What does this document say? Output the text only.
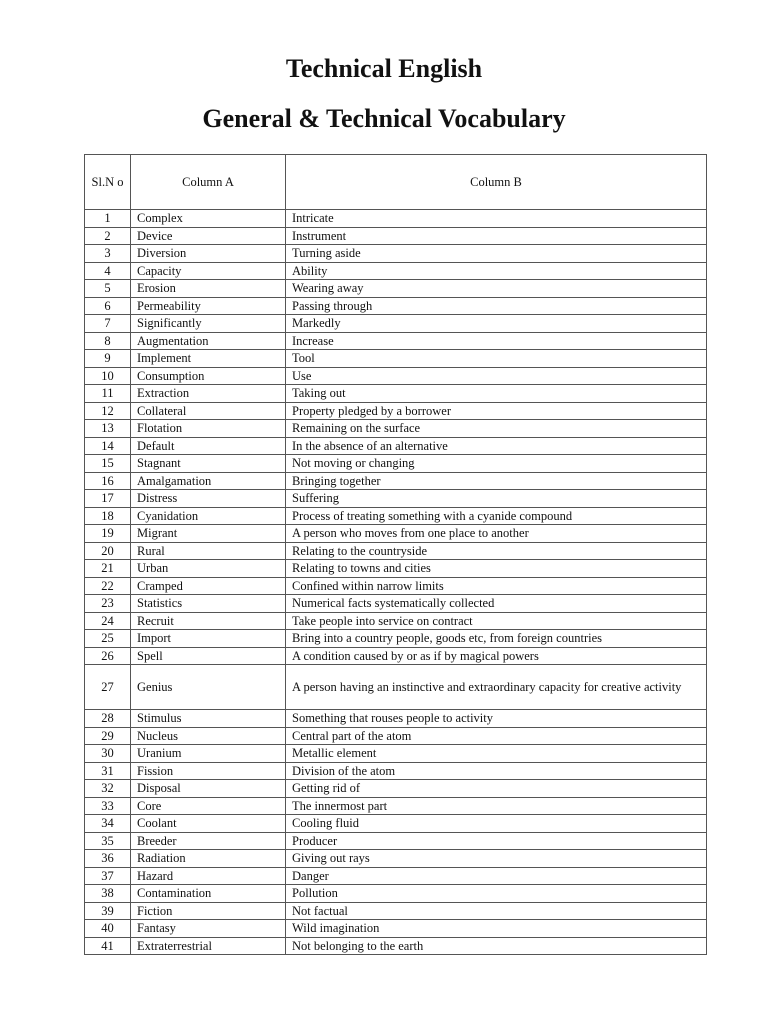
Technical English
General & Technical Vocabulary
Sl.N o	Column A	Column B
1	Complex	Intricate
2	Device	Instrument
3	Diversion	Turning aside
4	Capacity	Ability
5	Erosion	Wearing away
6	Permeability	Passing through
7	Significantly	Markedly
8	Augmentation	Increase
9	Implement	Tool
10	Consumption	Use
11	Extraction	Taking out
12	Collateral	Property pledged by a borrower
13	Flotation	Remaining on the surface
14	Default	In the absence of an alternative
15	Stagnant	Not moving or changing
16	Amalgamation	Bringing together
17	Distress	Suffering
18	Cyanidation	Process of treating something with a cyanide compound
19	Migrant	A person who moves from one place to another
20	Rural	Relating to the countryside
21	Urban	Relating to towns and cities
22	Cramped	Confined within narrow limits
23	Statistics	Numerical facts systematically collected
24	Recruit	Take people into service on contract
25	Import	Bring into a country people, goods etc, from foreign countries
26	Spell	A condition caused by or as if by magical powers
27	Genius	A person having an instinctive and extraordinary capacity for creative activity
28	Stimulus	Something that rouses people to activity
29	Nucleus	Central part of the atom
30	Uranium	Metallic element
31	Fission	Division of the atom
32	Disposal	Getting rid of
33	Core	The innermost part
34	Coolant	Cooling fluid
35	Breeder	Producer
36	Radiation	Giving out rays
37	Hazard	Danger
38	Contamination	Pollution
39	Fiction	Not factual
40	Fantasy	Wild imagination
41	Extraterrestrial	Not belonging to the earth
